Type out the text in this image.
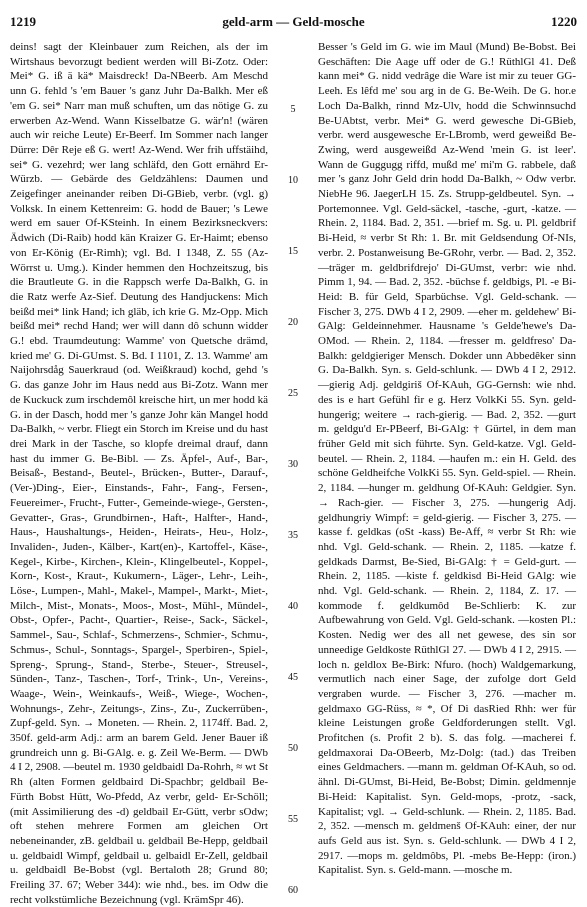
1219	geld-arm — Geld-mosche	1220
deins! sagt der Kleinbauer zum Reichen, als der im Wirtshaus bevorzugt bedient werden will Bi-Zotz. Oder: Mei* G. iß ä kä* Maisdreck! Da-NBeerb. Am Meschd unn G. fehld 's 'em Bauer 's ganz Juhr Da-Balkh. Mer eß 'em G. sei* Narr man muß schuften, um das nötige G. zu erwerben Az-Wend. Wann Kisselbatze G. wär'n! (wären auch wir reiche Leute) Er-Beerf. Im Sommer nach langer Dürre: Dêr Reje eß G. wert! Az-Wend. Wer frih uffstäihd, sei* G. vezehrd; wer lang schläfd, den Gott ernährd Er-Würzb. — Gebärde des Geldzählens: Daumen und Zeigefinger aneinander reiben Di-GBieb, verbr. (vgl. g) Volksk. In einem Kettenreim: G. hodd de Bauer; 's Lewe werd em sauer Of-KSteinh. In einem Bezirksneckvers: Ädwich (Di-Raib) hodd kän Kraizer G. Er-Haimt; ebenso von Er-König (Er-Rimh); vgl. Bd. I 1348, Z. 55 (Az-Wörrst u. Umg.). Kinder hemmen den Hochzeitszug, bis die Brautleute G. in die Rappsch werfe Da-Balkh, G. in die Ratz werfe Az-Sief. Deutung des Handjuckens: Mich beißd mei* link Hand; ich gläb, ich krie G. Mz-Opp. Mich beißd mei* rechd Hand; wer will dann dô schunn widder G.! ebd. Traumdeutung: Wamme' von Quetsche drämd, kried me' G. Di-GUmst. S. Bd. I 1101, Z. 13. Wamme' am Naijohrsdåg Sauerkraud (od. Weißkraud) kochd, gehd 's G. das ganze Johr im Haus nedd aus Bi-Zotz. Wann mer de Kuckuck zum irschdemôl kreische hirt, un mer hodd kä G. in der Dasch, hodd mer 's ganze Johr kän Mangel hodd Da-Balkh, ~ verbr. Fliegt ein Storch im Kreise und du hast drei Mark in der Tasche, so klopfe dreimal drauf, dann hast du immer G. Be-Bibl. — Zs. Äpfel-, Auf-, Bar-, Beisaß-, Bestand-, Beutel-, Brücken-, Butter-, Darauf-, (Ver-)Ding-, Eier-, Einstands-, Fahr-, Fang-, Fersen-, Feuereimer-, Frucht-, Futter-, Gemeinde-wiege-, Gersten-, Gevatter-, Gras-, Grundbirnen-, Haft-, Halfter-, Hand-, Haus-, Haushaltungs-, Heiden-, Heirats-, Heu-, Holz-, Invaliden-, Juden-, Kälber-, Kart(en)-, Kartoffel-, Käse-, Kegel-, Kirbe-, Kirchen-, Klein-, Klingelbeutel-, Koppel-, Korn-, Kost-, Kraut-, Kukumern-, Läger-, Lehr-, Leih-, Löse-, Lumpen-, Mahl-, Makel-, Mampel-, Markt-, Miet-, Milch-, Mist-, Monats-, Moos-, Most-, Mühl-, Mündel-, Obst-, Opfer-, Pacht-, Quartier-, Reise-, Sack-, Säckel-, Sammel-, Sau-, Schlaf-, Schmerzens-, Schmier-, Schmu-, Schmus-, Schul-, Sonntags-, Spargel-, Sperbiren-, Spiel-, Spreng-, Sprung-, Stand-, Sterbe-, Steuer-, Streusel-, Sünden-, Tanz-, Taschen-, Torf-, Trink-, Un-, Vereins-, Waage-, Wein-, Weinkaufs-, Weiß-, Wiege-, Wochen-, Wohnungs-, Zehr-, Zeitungs-, Zins-, Zu-, Zuckerrüben-, Zupf-geld. Syn. → Moneten. — Rhein. 2, 1174ff. Bad. 2, 350f. geld-arm Adj.: arm an barem Geld. Jener Bauer iß grundreich unn g. Bi-GAlg. e. g. Zeil We-Berm. — DWb 4 I 2, 2908. —beutel m. 1930 geldbaidl Da-Rohrh, ≈ wt St Rh (alten Formen geldbaird Di-Spachbr; geldbail Be-Fürth Bobst Hütt, Wo-Pfedd, Az verbr, geld- Er-Schöll; (mit Assimilierung des -d) geldbail Er-Gütt, verbr sOdw; oft stehen mehrere Formen am gleichen Ort nebeneinander, zB. geldbail u. geldbail Be-Hepp, geldbail u. geldbaidl Wimpf, geldbail u. gelbaidl Er-Zell, geldbail u. geldbaidl Be-Bobst (vgl. Bertaloth 28; Grund 80; Freiling 37. 67; Weber 344): wie nhd., bes. im Odw die recht volkstümliche Bezeichnung (vgl. KrämSpr 46).
5
10
15
20
25
30
35
40
45
50
55
60
Besser 's Geld im G. wie im Maul (Mund) Be-Bobst. Bei Geschäften: Die Aage uff oder de G.! RüthlGl 41. Deß kann mei* G. nidd vedrâge die Ware ist mir zu teuer GG-Leeh. Es lêfd me' sou arg in de G. Be-Weih. De G. hor.e Loch Da-Balkh, rinnd Mz-Ulv, hodd die Schwinnsuchd Be-UAbtst, verbr. Mei* G. werd gewesche Di-GBieb, verbr. werd ausgewesche Er-LBromb, werd geweißd Be-Zwing, werd ausgeweißd Az-Wend 'mein G. ist leer'. Wann de Guggugg riffd, mußd me' mi'm G. rabbele, daß mer 's ganz Johr Geld drin hodd Da-Balkh, ~ Odw verbr. NiebHe 96. JaegerLH 15. Zs. Strupp-geldbeutel. Syn. → Portemonnee. Vgl. Geld-säckel, -tasche, -gurt, -katze. — Rhein. 2, 1184. Bad. 2, 351. —brief m. Sg. u. Pl. geldbrif Bi-Heid, ≈ verbr St Rh: 1. Br. mit Geldsendung Of-NIs, verbr. 2. Postanweisung Be-GRohr, verbr. — Bad. 2, 352. —träger m. geldbrifdrejo' Di-GUmst, verbr: wie nhd. Pimm 1, 94. — Bad. 2, 352. -büchse f. geldbigs, Pl. -e Bi-Heid: B. für Geld, Sparbüchse. Vgl. Geld-schank. — Fischer 3, 275. DWb 4 I 2, 2909. —eher m. geldehew' Bi-GAlg: Geldeinnehmer. Hausname 's Gelde'hewe's Da-OMod. — Rhein. 2, 1184. —fresser m. geldfreso' Da-Balkh: geldgieriger Mensch. Dokder unn Abbedêker sinn G. Da-Balkh. Syn. s. Geld-schlunk. — DWb 4 I 2, 2912. —gierig Adj. geldgiriš Of-KAuh, GG-Gernsh: wie nhd. des is e hart Gefühl fir e g. Herz VolkKi 55. Syn. geld-hungerig; weitere → rach-gierig. — Bad. 2, 352. —gurt m. geldgu'd Er-PBeerf, Bi-GAlg: † Gürtel, in dem man früher Geld mit sich führte. Syn. Geld-katze. Vgl. Geld-beutel. — Rhein. 2, 1184. —haufen m.: ein H. Geld. des schöne Geldheifche VolkKi 55. Syn. Geld-spiel. — Rhein. 2, 1184. —hunger m. geldhung Of-KAuh: Geldgier. Syn. → Rach-gier. — Fischer 3, 275. —hungerig Adj. geldhungriy Wimpf: = geld-gierig. — Fischer 3, 275. —kasse f. geldkas (oSt -kass) Be-Aff, ≈ verbr St Rh: wie nhd. Vgl. Geld-schank. — Rhein. 2, 1185. —katze f. geldkads Darmst, Be-Sied, Bi-GAlg: † = Geld-gurt. — Rhein. 2, 1185. —kiste f. geldkisd Bi-Heid GAlg: wie nhd. Vgl. Geld-schank. — Rhein. 2, 1184, Z. 17. —kommode f. geldkumôd Be-Schlierb: K. zur Aufbewahrung von Geld. Vgl. Geld-schank. —kosten Pl.: Kosten. Nedig wer des all net gewese, des sin sor unneedige Geldkoste RüthlGl 27. — DWb 4 I 2, 2915. —loch n. geldlox Be-Birk: Nfuro. (hoch) Waldgemarkung, vermutlich nach einer Sage, der zufolge dort Geld vergraben wurde. — Fischer 3, 276. —macher m. geldmaxo GG-Rüss, ≈ *, Of Di dasRied Rhh: wer für kleine Leistungen große Geldforderungen stellt. Vgl. Profitchen (s. Profit 2 b). S. das folg. —macherei f. geldmaxorai Da-OBeerb, Mz-Dolg: (tad.) das Treiben eines Geldmachers. —mann m. geldman Of-KAuh, so od. ähnl. Di-GUmst, Bi-Heid, Be-Bobst; Dimin. geldmennje Bi-Heid: Kapitalist. Syn. Geld-mops, -protz, -sack, Kapitalist; vgl. → Geld-schlunk. — Rhein. 2, 1185. Bad. 2, 352. —mensch m. geldmenš Of-KAuh: einer, der nur aufs Geld aus ist. Syn. s. Geld-schlunk. — DWb 4 I 2, 2917. —mops m. geldmôbs, Pl. -mebs Be-Hepp: (iron.) Kapitalist. Syn. s. Geld-mann. —mosche m.
